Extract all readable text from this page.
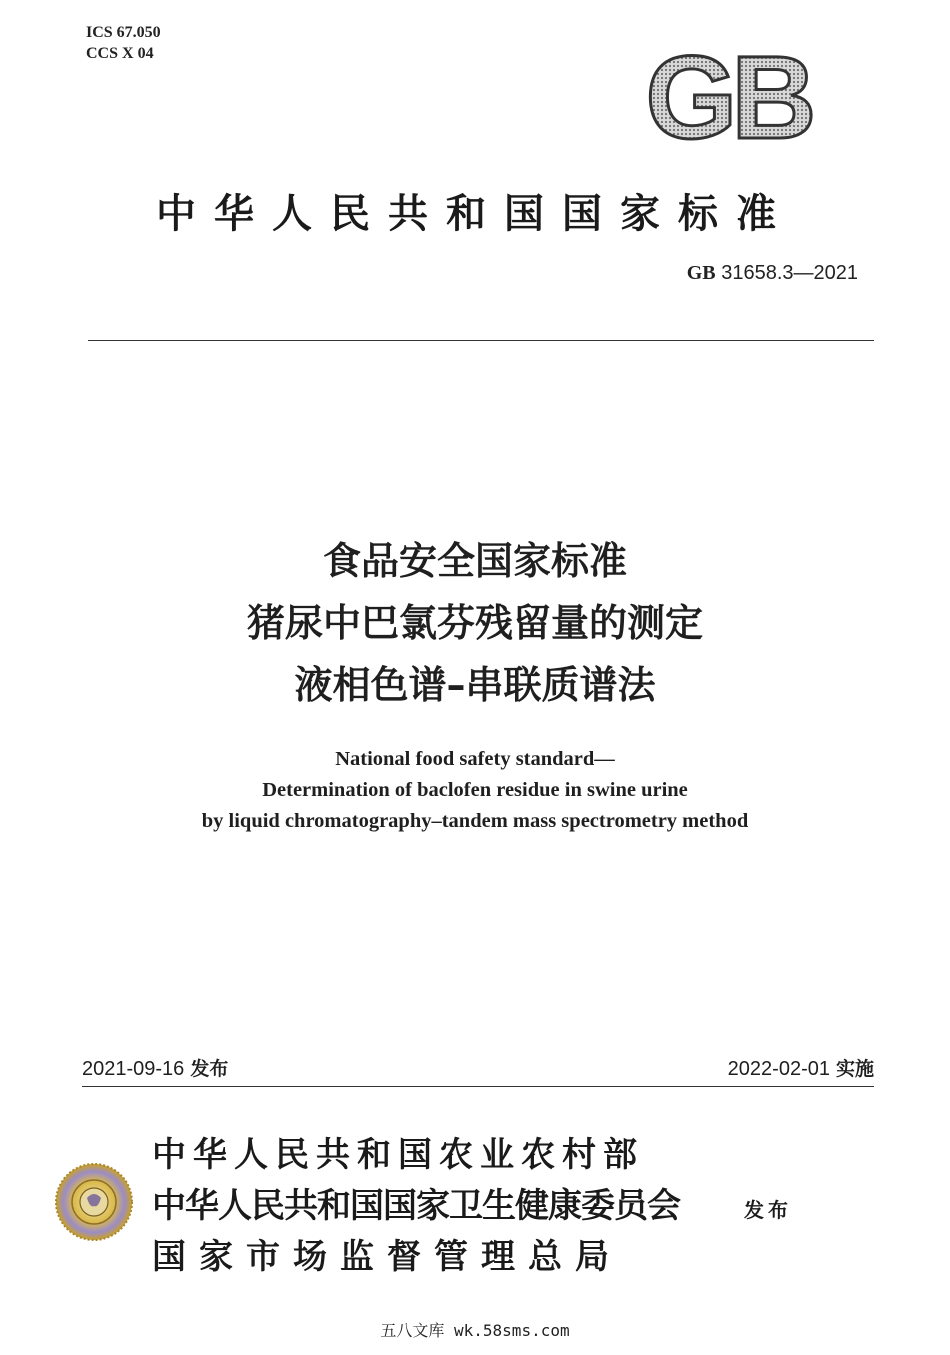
ICS 67.050
CCS X 04	GB
中华人民共和国国家标准
GB 31658.3—2021
食品安全国家标准
猪尿中巴氯芬残留量的测定
液相色谱–串联质谱法
National food safety standard—
Determination of baclofen residue in swine urine
by liquid chromatography–tandem mass spectrometry method
2021-09-16 发布	2022-02-01 实施
中华人民共和国农业农村部
中华人民共和国国家卫生健康委员会
国家市场监督管理总局
发布
五八文库 wk.58sms.com
